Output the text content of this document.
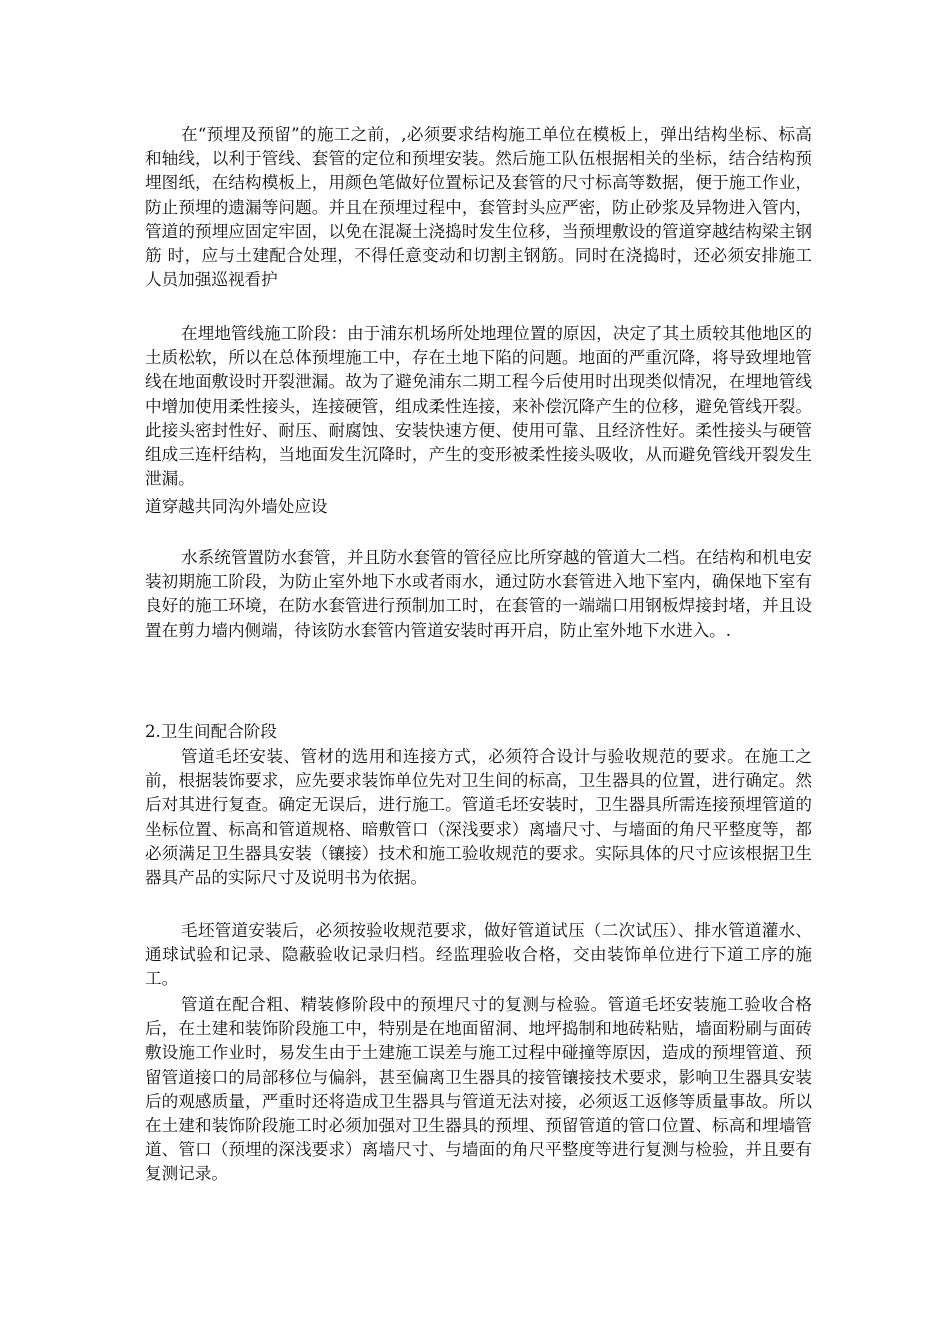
在“预埋及预留”的施工之前，,必须要求结构施工单位在模板上，弹出结构坐标、标高和轴线，以利于管线、套管的定位和预埋安装。然后施工队伍根据相关的坐标，结合结构预埋图纸，在结构模板上，用颜色笔做好位置标记及套管的尺寸标高等数据，便于施工作业，防止预埋的遗漏等问题。并且在预埋过程中，套管封头应严密，防止砂浆及异物进入管内，管道的预埋应固定牢固，以免在混凝土浇捣时发生位移，当预埋敷设的管道穿越结构梁主钢筋 时，应与土建配合处理，不得任意变动和切割主钢筋。同时在浇捣时，还必须安排施工人员加强巡视看护

在埋地管线施工阶段：由于浦东机场所处地理位置的原因，决定了其土质较其他地区的土质松软，所以在总体预埋施工中，存在土地下陷的问题。地面的严重沉降，将导致埋地管线在地面敷设时开裂泄漏。故为了避免浦东二期工程今后使用时出现类似情况，在埋地管线中增加使用柔性接头，连接硬管，组成柔性连接，来补偿沉降产生的位移，避免管线开裂。此接头密封性好、耐压、耐腐蚀、安装快速方便、使用可靠、且经济性好。柔性接头与硬管组成三连杆结构，当地面发生沉降时，产生的变形被柔性接头吸收，从而避免管线开裂发生泄漏。

道穿越共同沟外墙处应设

水系统管置防水套管，并且防水套管的管径应比所穿越的管道大二档。在结构和机电安装初期施工阶段，为防止室外地下水或者雨水，通过防水套管进入地下室内，确保地下室有良好的施工环境，在防水套管进行预制加工时，在套管的一端端口用钢板焊接封堵，并且设置在剪力墙内侧端，待该防水套管内管道安装时再开启，防止室外地下水进入。.

2.卫生间配合阶段

管道毛坯安装、管材的选用和连接方式，必须符合设计与验收规范的要求。在施工之前，根据装饰要求，应先要求装饰单位先对卫生间的标高，卫生器具的位置，进行确定。然后对其进行复查。确定无误后，进行施工。管道毛坯安装时，卫生器具所需连接预埋管道的坐标位置、标高和管道规格、暗敷管口（深浅要求）离墙尺寸、与墙面的角尺平整度等，都必须满足卫生器具安装（镶接）技术和施工验收规范的要求。实际具体的尺寸应该根据卫生器具产品的实际尺寸及说明书为依据。

毛坯管道安装后，必须按验收规范要求，做好管道试压（二次试压）、排水管道灌水、通球试验和记录、隐蔽验收记录归档。经监理验收合格，交由装饰单位进行下道工序的施工。

管道在配合粗、精装修阶段中的预埋尺寸的复测与检验。管道毛坯安装施工验收合格后，在土建和装饰阶段施工中，特别是在地面留洞、地坪捣制和地砖粘贴，墙面粉刷与面砖敷设施工作业时，易发生由于土建施工误差与施工过程中碰撞等原因，造成的预埋管道、预留管道接口的局部移位与偏斜，甚至偏离卫生器具的接管镶接技术要求，影响卫生器具安装后的观感质量，严重时还将造成卫生器具与管道无法对接，必须返工返修等质量事故。所以在土建和装饰阶段施工时必须加强对卫生器具的预埋、预留管道的管口位置、标高和埋墙管道、管口（预埋的深浅要求）离墙尺寸、与墙面的角尺平整度等进行复测与检验，并且要有复测记录。
